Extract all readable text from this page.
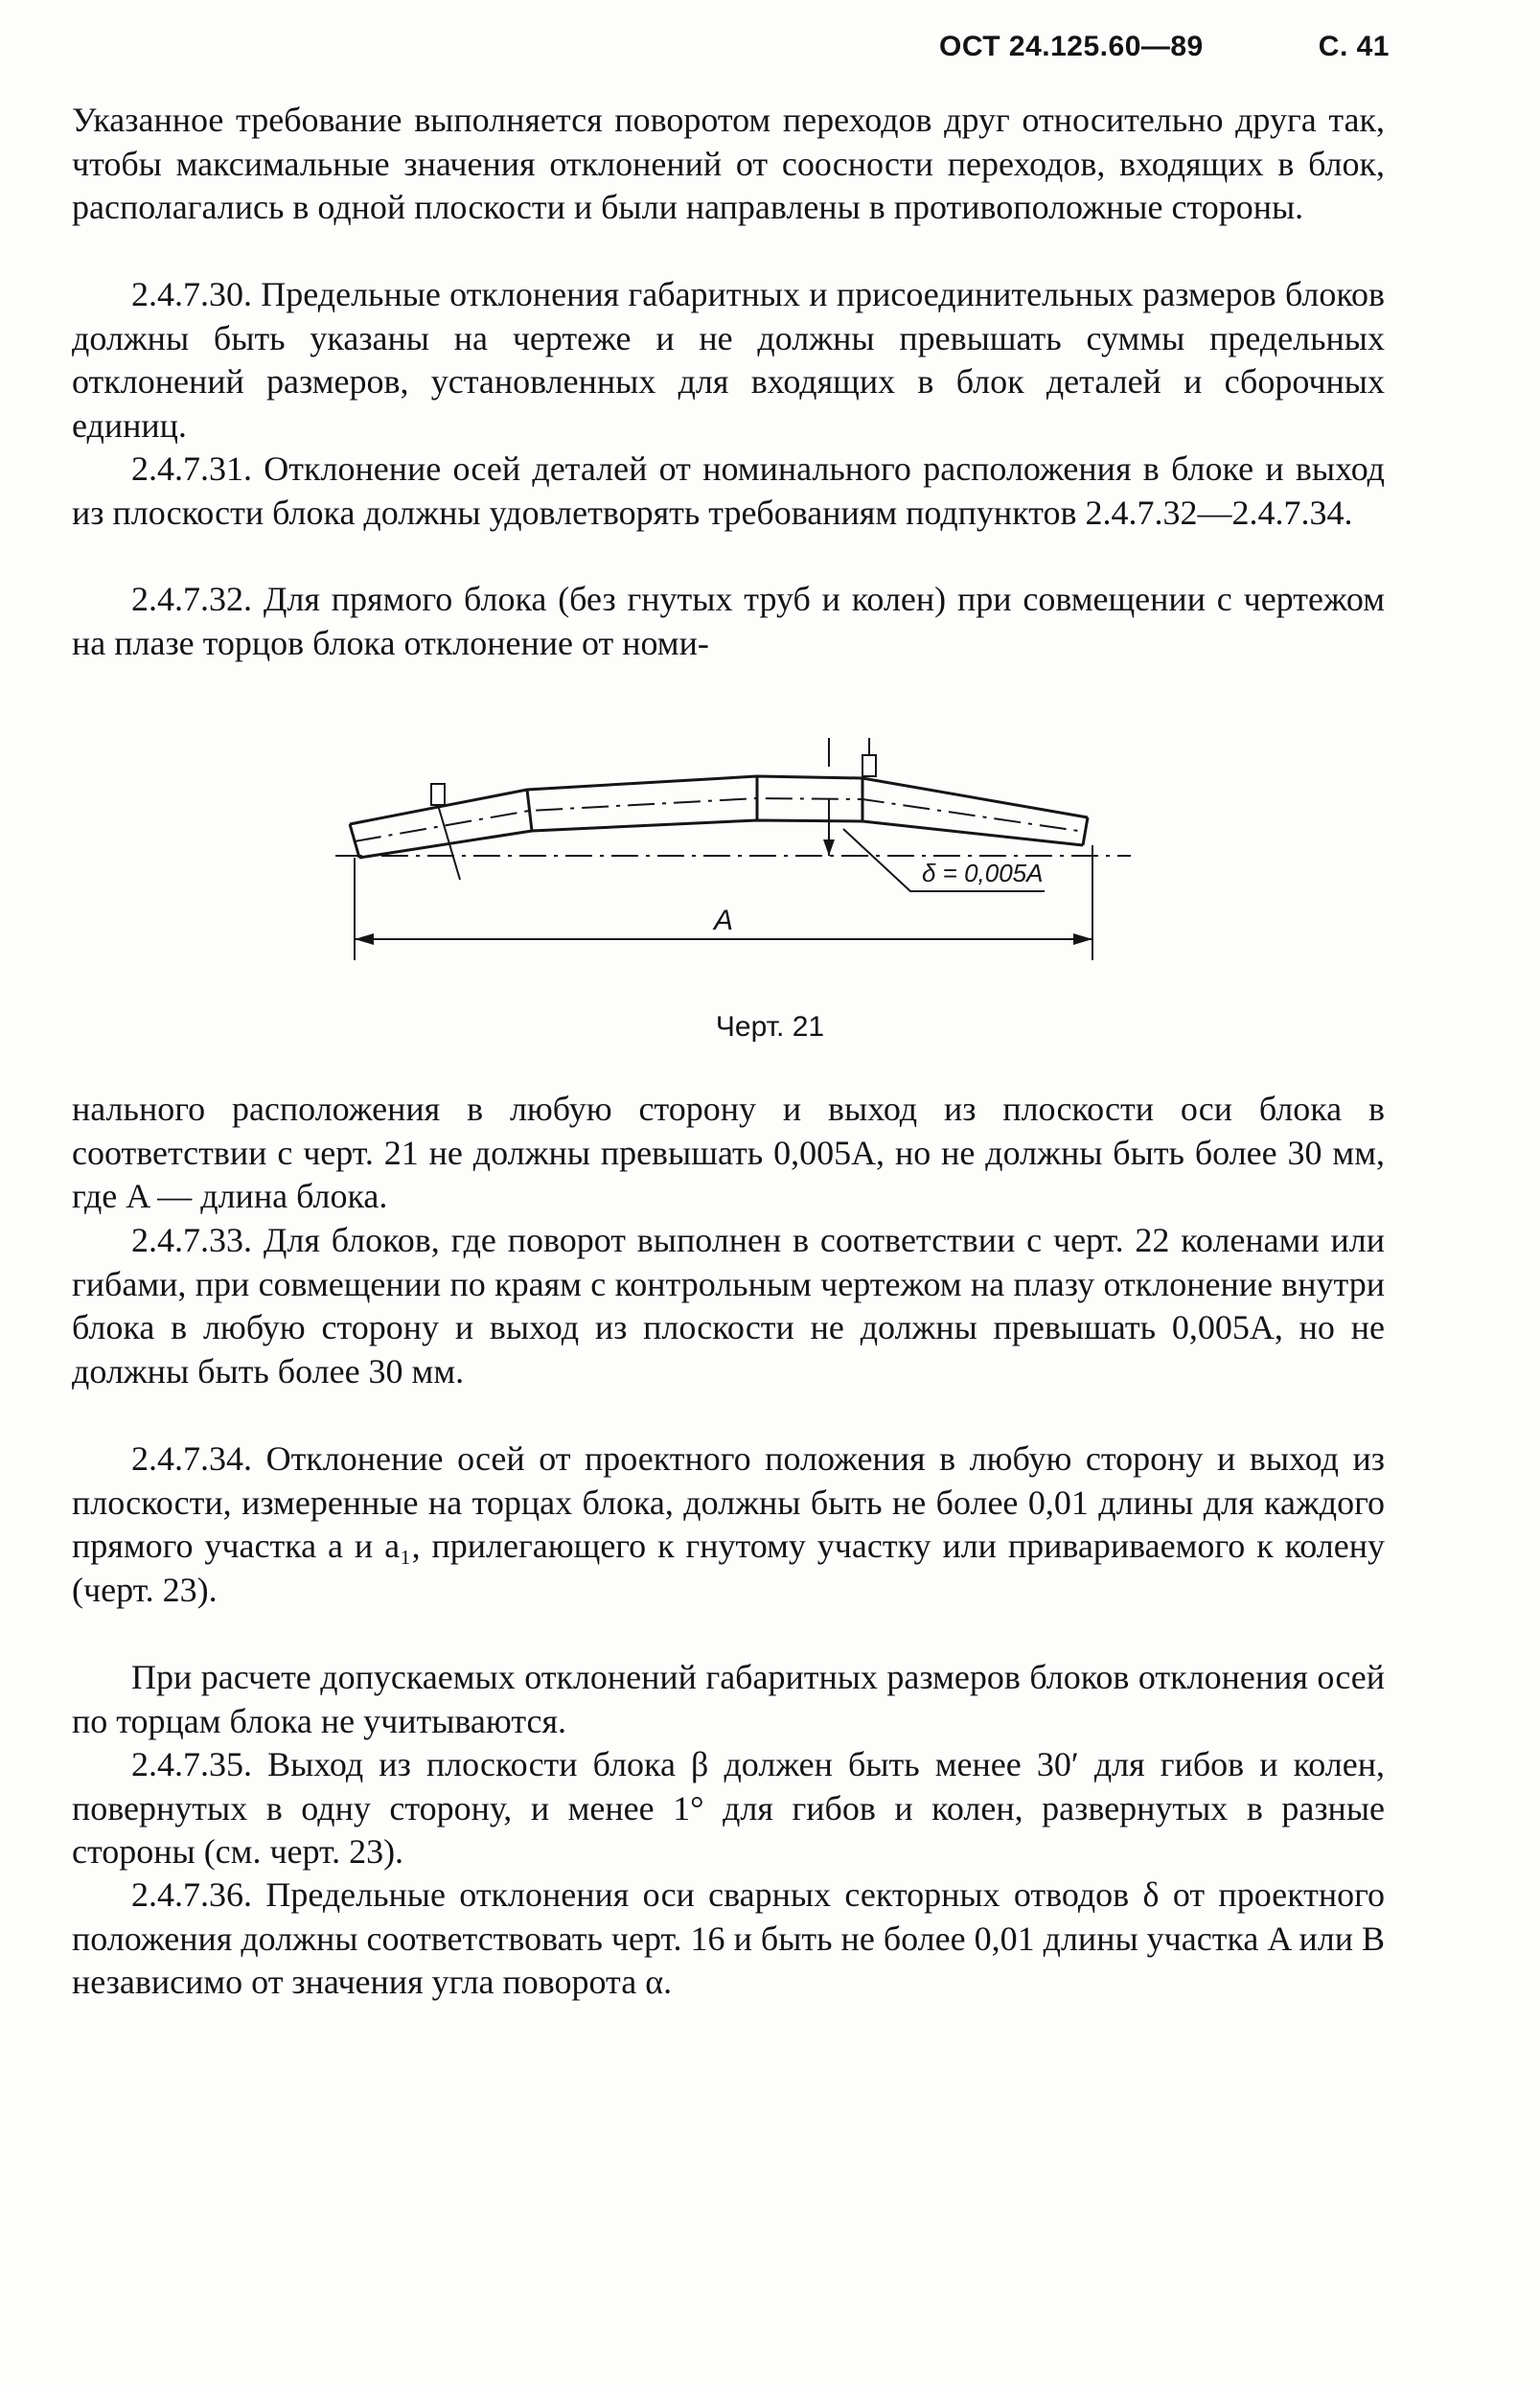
ОСТ 24.125.60—89	С. 41

Указанное требование выполняется поворотом переходов друг относительно друга так, чтобы максимальные значения отклонений от соосности переходов, входящих в блок, располагались в одной плоскости и были направлены в противоположные стороны.

2.4.7.30. Предельные отклонения габаритных и присоединительных размеров блоков должны быть указаны на чертеже и не должны превышать суммы предельных отклонений размеров, установленных для входящих в блок деталей и сборочных единиц.

2.4.7.31. Отклонение осей деталей от номинального расположения в блоке и выход из плоскости блока должны удовлетворять требованиям подпунктов 2.4.7.32—2.4.7.34.

2.4.7.32. Для прямого блока (без гнутых труб и колен) при совмещении с чертежом на плазе торцов блока отклонение от номи-

δ = 0,005A
A
Черт. 21

нального расположения в любую сторону и выход из плоскости оси блока в соответствии с черт. 21 не должны превышать 0,005A, но не должны быть более 30 мм, где A — длина блока.

2.4.7.33. Для блоков, где поворот выполнен в соответствии с черт. 22 коленами или гибами, при совмещении по краям с контрольным чертежом на плазу отклонение внутри блока в любую сторону и выход из плоскости не должны превышать 0,005A, но не должны быть более 30 мм.

2.4.7.34. Отклонение осей от проектного положения в любую сторону и выход из плоскости, измеренные на торцах блока, должны быть не более 0,01 длины для каждого прямого участка a и a₁, прилегающего к гнутому участку или привариваемого к колену (черт. 23).

При расчете допускаемых отклонений габаритных размеров блоков отклонения осей по торцам блока не учитываются.

2.4.7.35. Выход из плоскости блока β должен быть менее 30′ для гибов и колен, повернутых в одну сторону, и менее 1° для гибов и колен, развернутых в разные стороны (см. черт. 23).

2.4.7.36. Предельные отклонения оси сварных секторных отводов δ от проектного положения должны соответствовать черт. 16 и быть не более 0,01 длины участка A или B независимо от значения угла поворота α.
